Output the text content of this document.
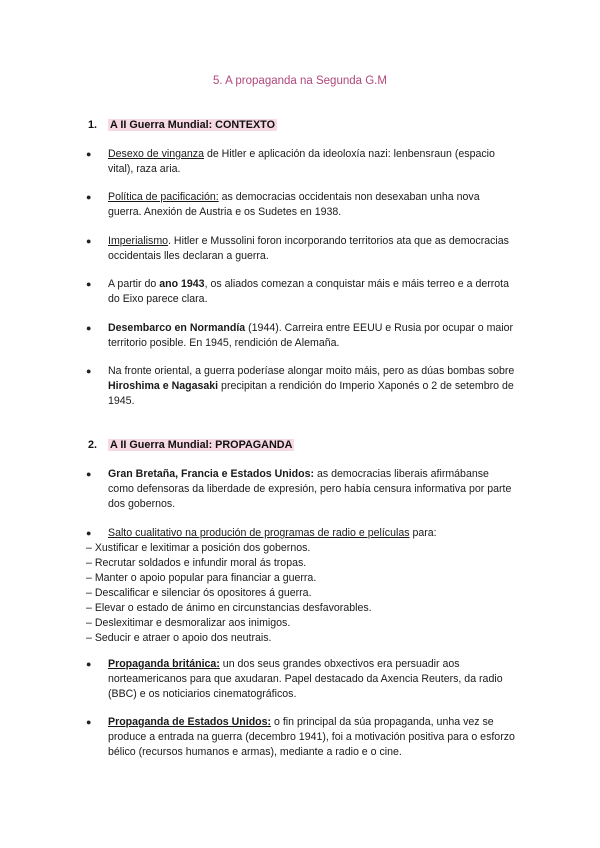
5. A propaganda na Segunda G.M
1. A II Guerra Mundial: CONTEXTO
● Desexo de vinganza de Hitler e aplicación da ideoloxía nazi: lenbensraun (espacio vital), raza aria.
● Política de pacificación: as democracias occidentais non desexaban unha nova guerra. Anexión de Austria e os Sudetes en 1938.
● Imperialismo. Hitler e Mussolini foron incorporando territorios ata que as democracias occidentais lles declaran a guerra.
● A partir do ano 1943, os aliados comezan a conquistar máis e máis terreo e a derrota do Eixo parece clara.
● Desembarco en Normandía (1944). Carreira entre EEUU e Rusia por ocupar o maior territorio posible. En 1945, rendición de Alemaña.
● Na fronte oriental, a guerra poderíase alongar moito máis, pero as dúas bombas sobre Hiroshima e Nagasaki precipitan a rendición do Imperio Xaponés o 2 de setembro de 1945.
2. A II Guerra Mundial: PROPAGANDA
● Gran Bretaña, Francia e Estados Unidos: as democracias liberais afirmábanse como defensoras da liberdade de expresión, pero había censura informativa por parte dos gobernos.
● Salto cualitativo na produción de programas de radio e películas para:
– Xustificar e lexitimar a posición dos gobernos.
– Recrutar soldados e infundir moral ás tropas.
– Manter o apoio popular para financiar a guerra.
– Descalificar e silenciar ós opositores á guerra.
– Elevar o estado de ánimo en circunstancias desfavorables.
– Deslexitimar e desmoralizar aos inimigos.
– Seducir e atraer o apoio dos neutrais.
● Propaganda británica: un dos seus grandes obxectivos era persuadir aos norteamericanos para que axudaran. Papel destacado da Axencia Reuters, da radio (BBC) e os noticiarios cinematográficos.
● Propaganda de Estados Unidos: o fin principal da súa propaganda, unha vez se produce a entrada na guerra (decembro 1941), foi a motivación positiva para o esforzo bélico (recursos humanos e armas), mediante a radio e o cine.
